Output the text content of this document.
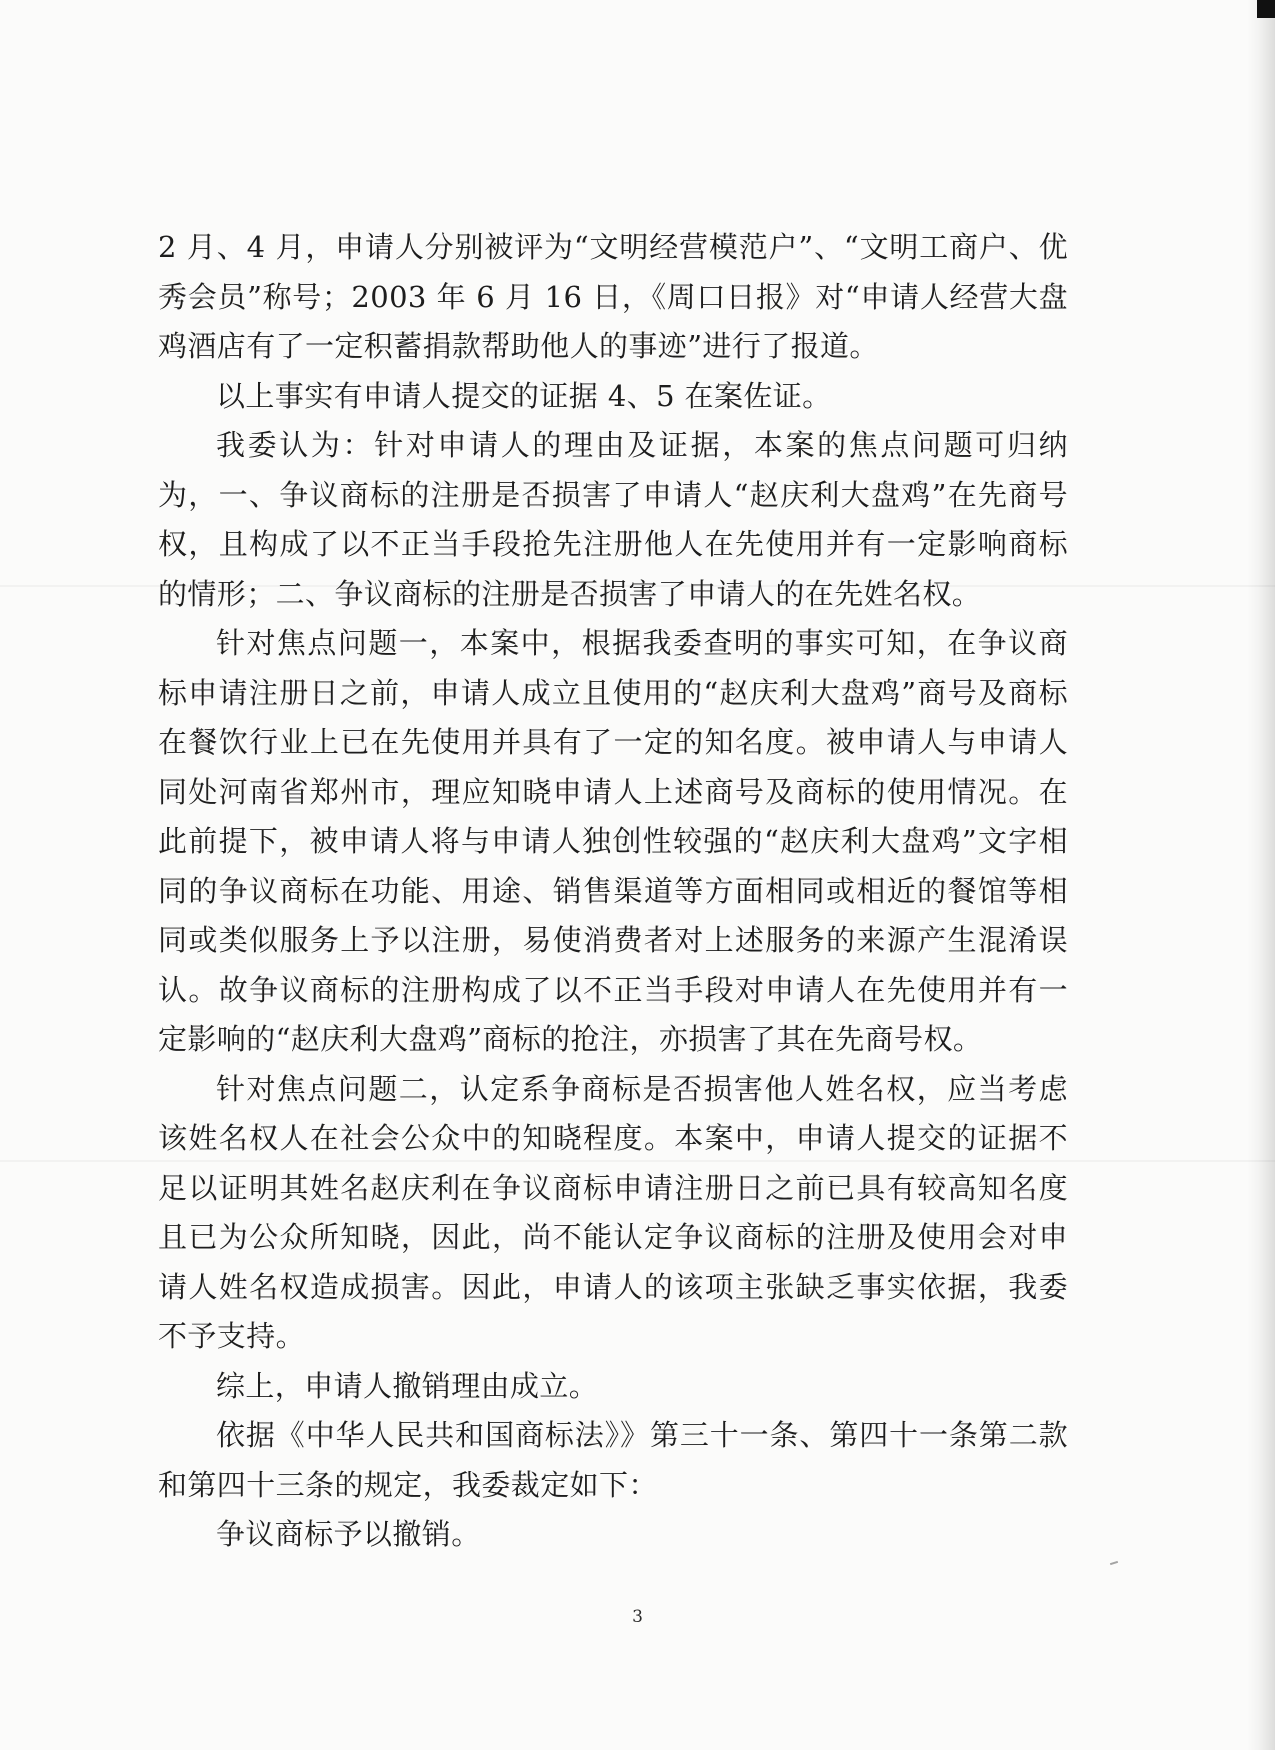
2 月、4 月，申请人分别被评为“文明经营模范户”、“文明工商户、优秀会员”称号；2003 年 6 月 16 日，《周口日报》对“申请人经营大盘鸡酒店有了一定积蓄捐款帮助他人的事迹”进行了报道。

以上事实有申请人提交的证据 4、5 在案佐证。

我委认为：针对申请人的理由及证据，本案的焦点问题可归纳为，一、争议商标的注册是否损害了申请人“赵庆利大盘鸡”在先商号权，且构成了以不正当手段抢先注册他人在先使用并有一定影响商标的情形；二、争议商标的注册是否损害了申请人的在先姓名权。

针对焦点问题一，本案中，根据我委查明的事实可知，在争议商标申请注册日之前，申请人成立且使用的“赵庆利大盘鸡”商号及商标在餐饮行业上已在先使用并具有了一定的知名度。被申请人与申请人同处河南省郑州市，理应知晓申请人上述商号及商标的使用情况。在此前提下，被申请人将与申请人独创性较强的“赵庆利大盘鸡”文字相同的争议商标在功能、用途、销售渠道等方面相同或相近的餐馆等相同或类似服务上予以注册，易使消费者对上述服务的来源产生混淆误认。故争议商标的注册构成了以不正当手段对申请人在先使用并有一定影响的“赵庆利大盘鸡”商标的抢注，亦损害了其在先商号权。

针对焦点问题二，认定系争商标是否损害他人姓名权，应当考虑该姓名权人在社会公众中的知晓程度。本案中，申请人提交的证据不足以证明其姓名赵庆利在争议商标申请注册日之前已具有较高知名度且已为公众所知晓，因此，尚不能认定争议商标的注册及使用会对申请人姓名权造成损害。因此，申请人的该项主张缺乏事实依据，我委不予支持。

综上，申请人撤销理由成立。

依据《中华人民共和国商标法》》第三十一条、第四十一条第二款和第四十三条的规定，我委裁定如下：

争议商标予以撤销。

3
